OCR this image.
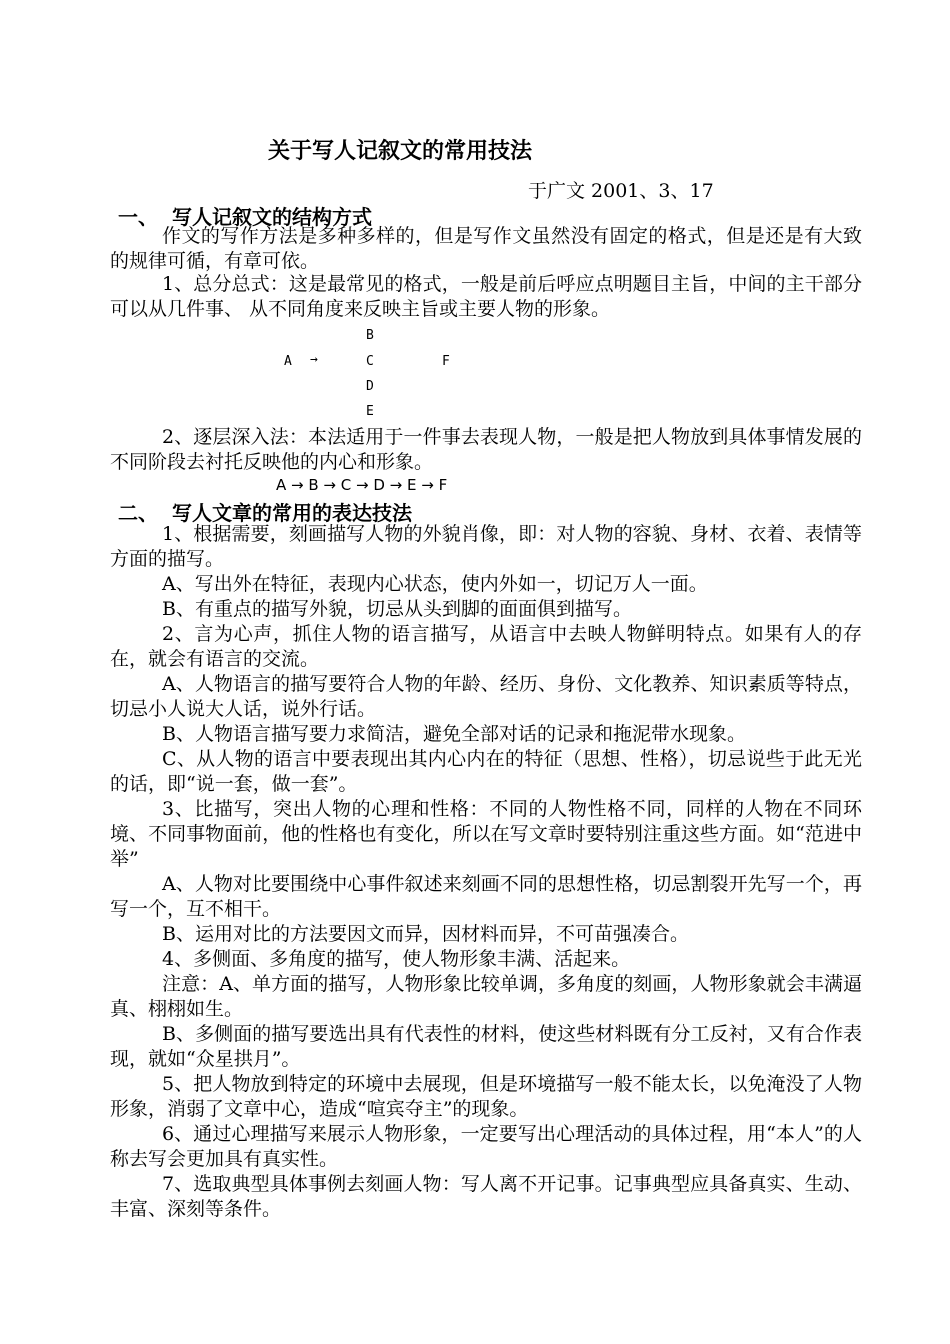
关于写人记叙文的常用技法
于广文 2001、3、17
一、 写人记叙文的结构方式

作文的写作方法是多种多样的，但是写作文虽然没有固定的格式，但是还是有大致的规律可循，有章可依。

1、总分总式：这是最常见的格式，一般是前后呼应点明题目主旨，中间的主干部分可以从几件事、 从不同角度来反映主旨或主要人物的形象。

B
A →	C	F
D
E

2、逐层深入法：本法适用于一件事去表现人物，一般是把人物放到具体事情发展的不同阶段去衬托反映他的内心和形象。

A → B → C → D → E → F
二、 写人文章的常用的表达技法

1、根据需要，刻画描写人物的外貌肖像，即：对人物的容貌、身材、衣着、表情等方面的描写。

A、写出外在特征，表现内心状态，使内外如一，切记万人一面。

B、有重点的描写外貌，切忌从头到脚的面面俱到描写。

2、言为心声，抓住人物的语言描写，从语言中去映人物鲜明特点。如果有人的存在，就会有语言的交流。

A、人物语言的描写要符合人物的年龄、经历、身份、文化教养、知识素质等特点，切忌小人说大人话，说外行话。

B、人物语言描写要力求简洁，避免全部对话的记录和拖泥带水现象。

C、从人物的语言中要表现出其内心内在的特征（思想、性格），切忌说些于此无光的话，即“说一套，做一套”。

3、比描写，突出人物的心理和性格：不同的人物性格不同，同样的人物在不同环境、不同事物面前，他的性格也有变化，所以在写文章时要特别注重这些方面。如“范进中举”

A、人物对比要围绕中心事件叙述来刻画不同的思想性格，切忌割裂开先写一个，再写一个，互不相干。

B、运用对比的方法要因文而异，因材料而异，不可苗强凑合。

4、多侧面、多角度的描写，使人物形象丰满、活起来。

注意：A、单方面的描写，人物形象比较单调，多角度的刻画，人物形象就会丰满逼真、栩栩如生。

B、多侧面的描写要选出具有代表性的材料，使这些材料既有分工反衬，又有合作表现，就如“众星拱月”。

5、把人物放到特定的环境中去展现，但是环境描写一般不能太长，以免淹没了人物形象，消弱了文章中心，造成“喧宾夺主”的现象。

6、通过心理描写来展示人物形象，一定要写出心理活动的具体过程，用“本人”的人称去写会更加具有真实性。

7、选取典型具体事例去刻画人物：写人离不开记事。记事典型应具备真实、生动、丰富、深刻等条件。
